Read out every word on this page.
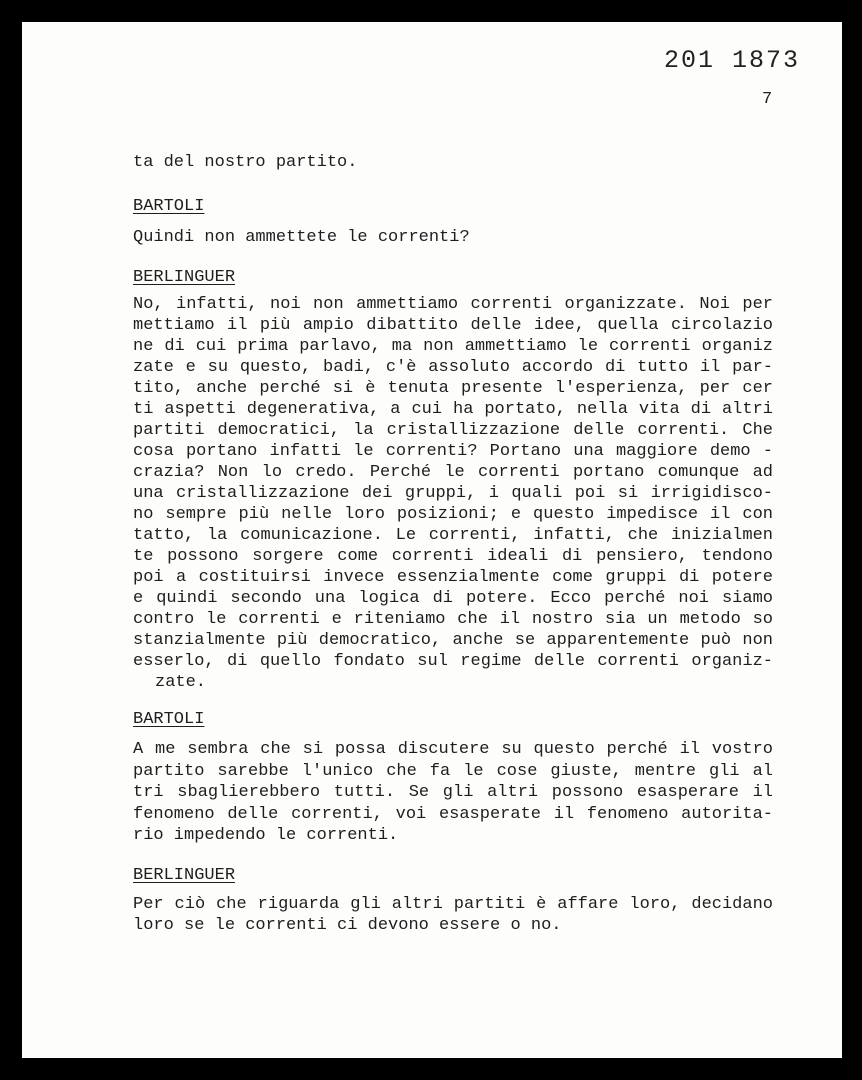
201 1873
7
ta del nostro partito.
BARTOLI
Quindi non ammettete le correnti?
BERLINGUER
No, infatti, noi non ammettiamo correnti organizzate. Noi per
mettiamo il più ampio dibattito delle idee, quella circolazio
ne di cui prima parlavo, ma non ammettiamo le correnti organiz
zate e su questo, badi, c'è assoluto accordo di tutto il par-
tito, anche perché si è tenuta presente l'esperienza, per cer
ti aspetti degenerativa, a cui ha portato, nella vita di altri
partiti democratici, la cristallizzazione delle correnti. Che
cosa portano infatti le correnti? Portano una maggiore demo -
crazia? Non lo credo. Perché le correnti portano comunque ad
una cristallizzazione dei gruppi, i quali poi si irrigidisco-
no sempre più nelle loro posizioni; e questo impedisce il con
tatto, la comunicazione. Le correnti, infatti, che inizialmen
te possono sorgere come correnti ideali di pensiero, tendono
poi a costituirsi invece essenzialmente come gruppi di potere
e quindi secondo una logica di potere. Ecco perché noi siamo
contro le correnti e riteniamo che il nostro sia un metodo so
stanzialmente più democratico, anche se apparentemente può non
esserlo, di quello fondato sul regime delle correnti organiz-
zate.
BARTOLI
A me sembra che si possa discutere su questo perché il vostro
partito sarebbe l'unico che fa le cose giuste, mentre gli al
tri sbaglierebbero tutti. Se gli altri possono esasperare il
fenomeno delle correnti, voi esasperate il fenomeno autorita-
rio impedendo le correnti.
BERLINGUER
Per ciò che riguarda gli altri partiti è affare loro, decidano
loro se le correnti ci devono essere o no.
